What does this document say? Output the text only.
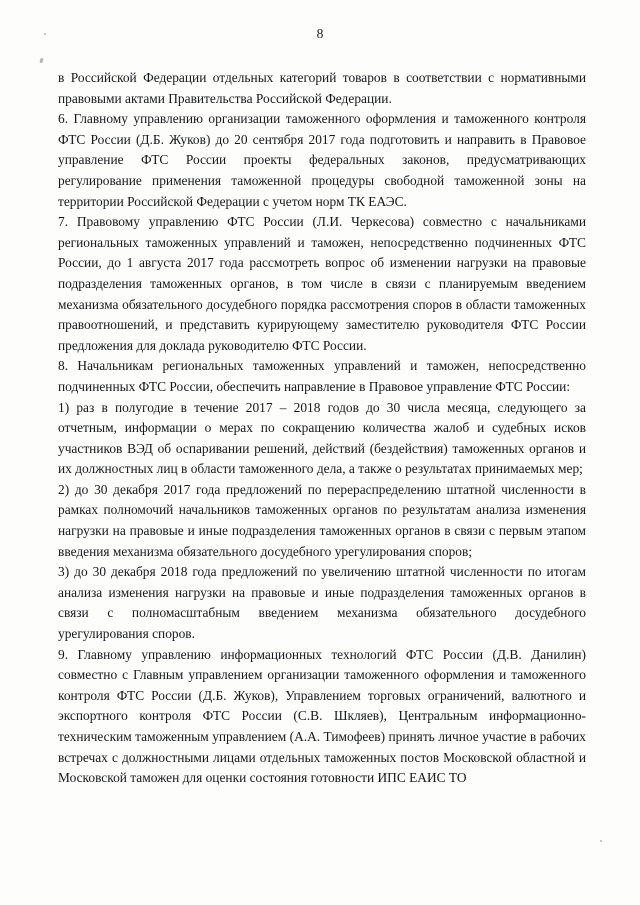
8

в Российской Федерации отдельных категорий товаров в соответствии с нормативными правовыми актами Правительства Российской Федерации.

6. Главному управлению организации таможенного оформления и таможенного контроля ФТС России (Д.Б. Жуков) до 20 сентября 2017 года подготовить и направить в Правовое управление ФТС России проекты федеральных законов, предусматривающих регулирование применения таможенной процедуры свободной таможенной зоны на территории Российской Федерации с учетом норм ТК ЕАЭС.

7. Правовому управлению ФТС России (Л.И. Черкесова) совместно с начальниками региональных таможенных управлений и таможен, непосредственно подчиненных ФТС России, до 1 августа 2017 года рассмотреть вопрос об изменении нагрузки на правовые подразделения таможенных органов, в том числе в связи с планируемым введением механизма обязательного досудебного порядка рассмотрения споров в области таможенных правоотношений, и представить курирующему заместителю руководителя ФТС России предложения для доклада руководителю ФТС России.

8. Начальникам региональных таможенных управлений и таможен, непосредственно подчиненных ФТС России, обеспечить направление в Правовое управление ФТС России:

1) раз в полугодие в течение 2017 – 2018 годов до 30 числа месяца, следующего за отчетным, информации о мерах по сокращению количества жалоб и судебных исков участников ВЭД об оспаривании решений, действий (бездействия) таможенных органов и их должностных лиц в области таможенного дела, а также о результатах принимаемых мер;

2) до 30 декабря 2017 года предложений по перераспределению штатной численности в рамках полномочий начальников таможенных органов по результатам анализа изменения нагрузки на правовые и иные подразделения таможенных органов в связи с первым этапом введения механизма обязательного досудебного урегулирования споров;

3) до 30 декабря 2018 года предложений по увеличению штатной численности по итогам анализа изменения нагрузки на правовые и иные подразделения таможенных органов в связи с полномасштабным введением механизма обязательного досудебного урегулирования споров.

9. Главному управлению информационных технологий ФТС России (Д.В. Данилин) совместно с Главным управлением организации таможенного оформления и таможенного контроля ФТС России (Д.Б. Жуков), Управлением торговых ограничений, валютного и экспортного контроля ФТС России (С.В. Шкляев), Центральным информационно-техническим таможенным управлением (А.А. Тимофеев) принять личное участие в рабочих встречах с должностными лицами отдельных таможенных постов Московской областной и Московской таможен для оценки состояния готовности ИПС ЕАИС ТО
